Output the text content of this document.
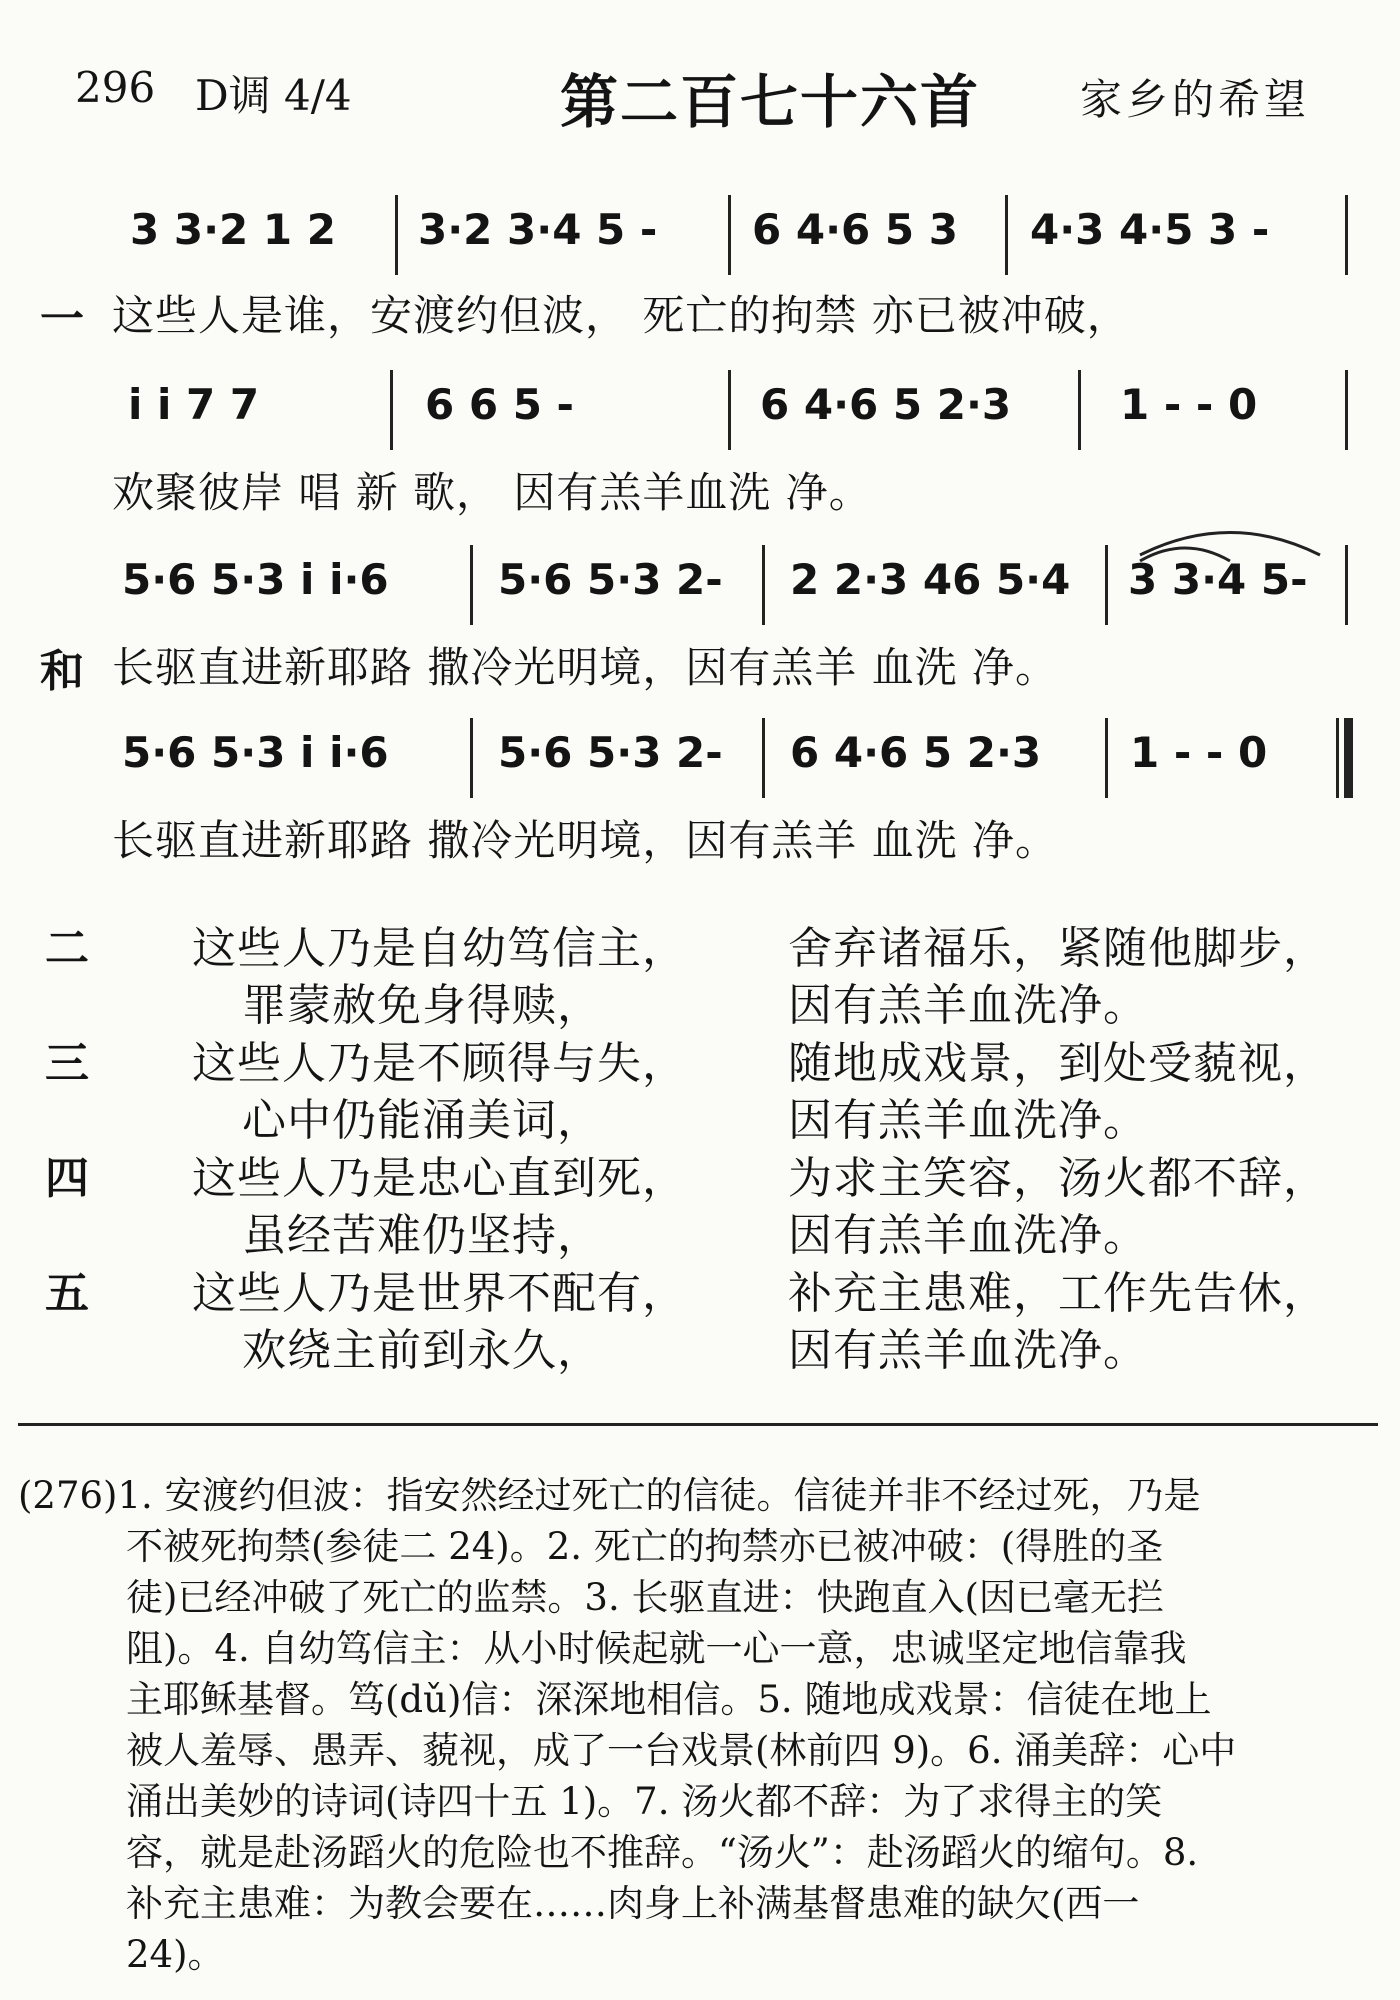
296 D调 4/4	第二百七十六首 家乡的希望
3 3·2 1 2 3·2 3·4 5 - 6 4·6 5 3 4·3 4·5 3 -
一 这些人是谁，安渡约但波， 死亡的拘禁 亦已被冲破，
i i 7 7	6 6 5 -	6 4·6 5 2·3	1 - - 0
欢聚彼岸 唱 新 歌， 因有羔羊血洗 净。
5·6 5·3 i i·6	5·6 5·3 2- 2 2·3 46 5·4 3 3·4 5-
和 长驱直进新耶路 撒冷光明境，因有羔羊 血洗 净。
5·6 5·3 i i·6	5·6 5·3 2- 6 4·6 5 2·3 1 - - 0
长驱直进新耶路 撒冷光明境，因有羔羊 血洗 净。
二 这些人乃是自幼笃信主， 舍弃诸福乐，紧随他脚步，
罪蒙赦免身得赎，	因有羔羊血洗净。
三 这些人乃是不顾得与失， 随地成戏景，到处受藐视，
心中仍能涌美词，	因有羔羊血洗净。
四 这些人乃是忠心直到死， 为求主笑容，汤火都不辞，
虽经苦难仍坚持，	因有羔羊血洗净。
五 这些人乃是世界不配有， 补充主患难，工作先告休，
欢绕主前到永久，	因有羔羊血洗净。
(276)1. 安渡约但波：指安然经过死亡的信徒。信徒并非不经过死，乃是
不被死拘禁(参徒二 24)。2. 死亡的拘禁亦已被冲破：(得胜的圣
徒)已经冲破了死亡的监禁。3. 长驱直进：快跑直入(因已毫无拦
阻)。4. 自幼笃信主：从小时候起就一心一意，忠诚坚定地信靠我
主耶稣基督。笃(dǔ)信：深深地相信。5. 随地成戏景：信徒在地上
被人羞辱、愚弄、藐视，成了一台戏景(林前四 9)。6. 涌美辞：心中
涌出美妙的诗词(诗四十五 1)。7. 汤火都不辞：为了求得主的笑
容，就是赴汤蹈火的危险也不推辞。“汤火”：赴汤蹈火的缩句。8.
补充主患难：为教会要在……肉身上补满基督患难的缺欠(西一
24)。
